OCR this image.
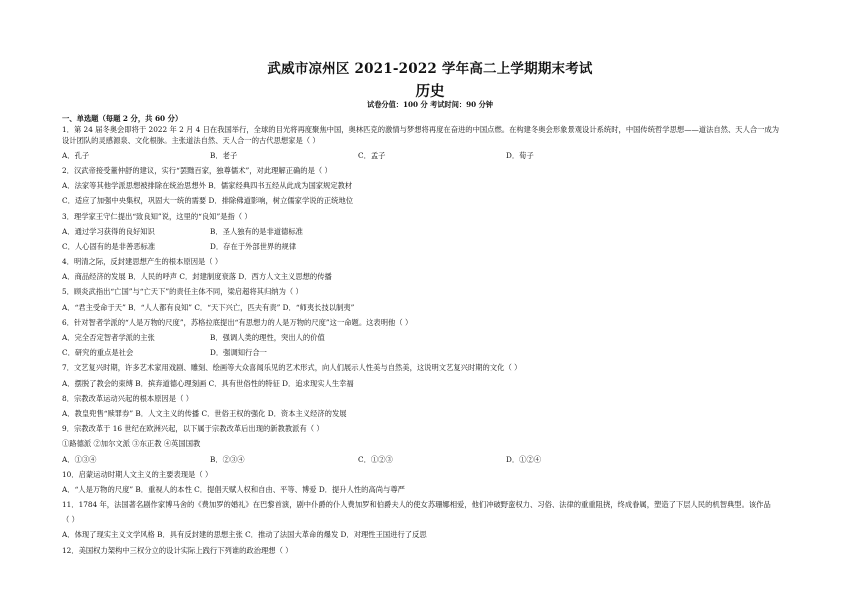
武威市凉州区 2021-2022 学年高二上学期期末考试
历史
试卷分值：100 分 考试时间：90 分钟
一、单选题（每题 2 分，共 60 分）
1．第 24 届冬奥会即将于 2022 年 2 月 4 日在我国举行，全球的目光将再度聚焦中国，奥林匹克的激情与梦想将再度在奋进的中国点燃。在构建冬奥会形象景观设计系统时，中国传统哲学思想——道法自然、天人合一成为
设计团队的灵感源泉、文化根脉。主张道法自然、天人合一的古代思想家是（ ）
A．孔子	B．老子	C．孟子	D．荀子
2．汉武帝接受董仲舒的建议，实行“罢黜百家，独尊儒术”，对此理解正确的是（ ）
A．法家等其他学派思想被排除在统治思想外 B．儒家经典四书五经从此成为国家规定教材
C．适应了加强中央集权，巩固大一统的需要 D．排除佛道影响，树立儒家学说的正统地位
3．理学家王守仁提出“致良知”说，这里的“良知”是指（ ）
A．通过学习获得的良好知识	B．圣人独有的是非道德标准
C．人心固有的是非善恶标准	D．存在于外部世界的规律
4．明清之际，反封建思想产生的根本原因是（ ）
A．商品经济的发展 B．人民的呼声 C．封建制度衰落 D．西方人文主义思想的传播
5．顾炎武指出“亡国”与“亡天下”的责任主体不同，梁启超将其归纳为（ ）
A．“君主受命于天” B．“人人都有良知” C．“天下兴亡，匹夫有责” D．“师夷长技以制夷”
6．针对智者学派的“人是万物的尺度”，苏格拉底提出“有思想力的人是万物的尺度”这一命题。这表明他（ ）
A．完全否定智者学派的主张	B．强调人类的理性，突出人的价值
C．研究的重点是社会	D．强调知行合一
7．文艺复兴时期，许多艺术家用戏剧、雕刻、绘画等大众喜闻乐见的艺术形式，向人们展示人性美与自然美，这说明文艺复兴时期的文化（ ）
A．摆脱了教会的束缚 B．摈弃道德心理刻画 C．具有世俗性的特征 D．追求现实人生幸福
8．宗教改革运动兴起的根本原因是（ ）
A．教皇兜售“赎罪券” B．人文主义的传播 C．世俗王权的强化 D．资本主义经济的发展
9．宗教改革于 16 世纪在欧洲兴起，以下属于宗教改革后出现的新教教派有（ ）
①路德派 ②加尔文派 ③东正教 ④英国国教
A．①③④	B．②③④	C．①②③	D．①②④
10．启蒙运动时期人文主义的主要表现是（ ）
A．“人是万物的尺度” B．重视人的本性 C．提倡天赋人权和自由、平等、博爱 D．提升人性的高尚与尊严
11．1784 年，法国著名剧作家博马舍的《费加罗的婚礼》在巴黎首演，剧中仆爵的仆人费加罗和伯爵夫人的使女苏珊娜相爱，他们冲破野蛮权力、习俗、法律的重重阻挠，终成眷属，塑造了下层人民的机智典型。该作品
（ ）
A．体现了现实主义文学风格 B．具有反封建的思想主张 C．推动了法国大革命的爆发 D．对理性王国进行了反思
12．美国权力架构中三权分立的设计实际上践行下列谁的政治理想（ ）
